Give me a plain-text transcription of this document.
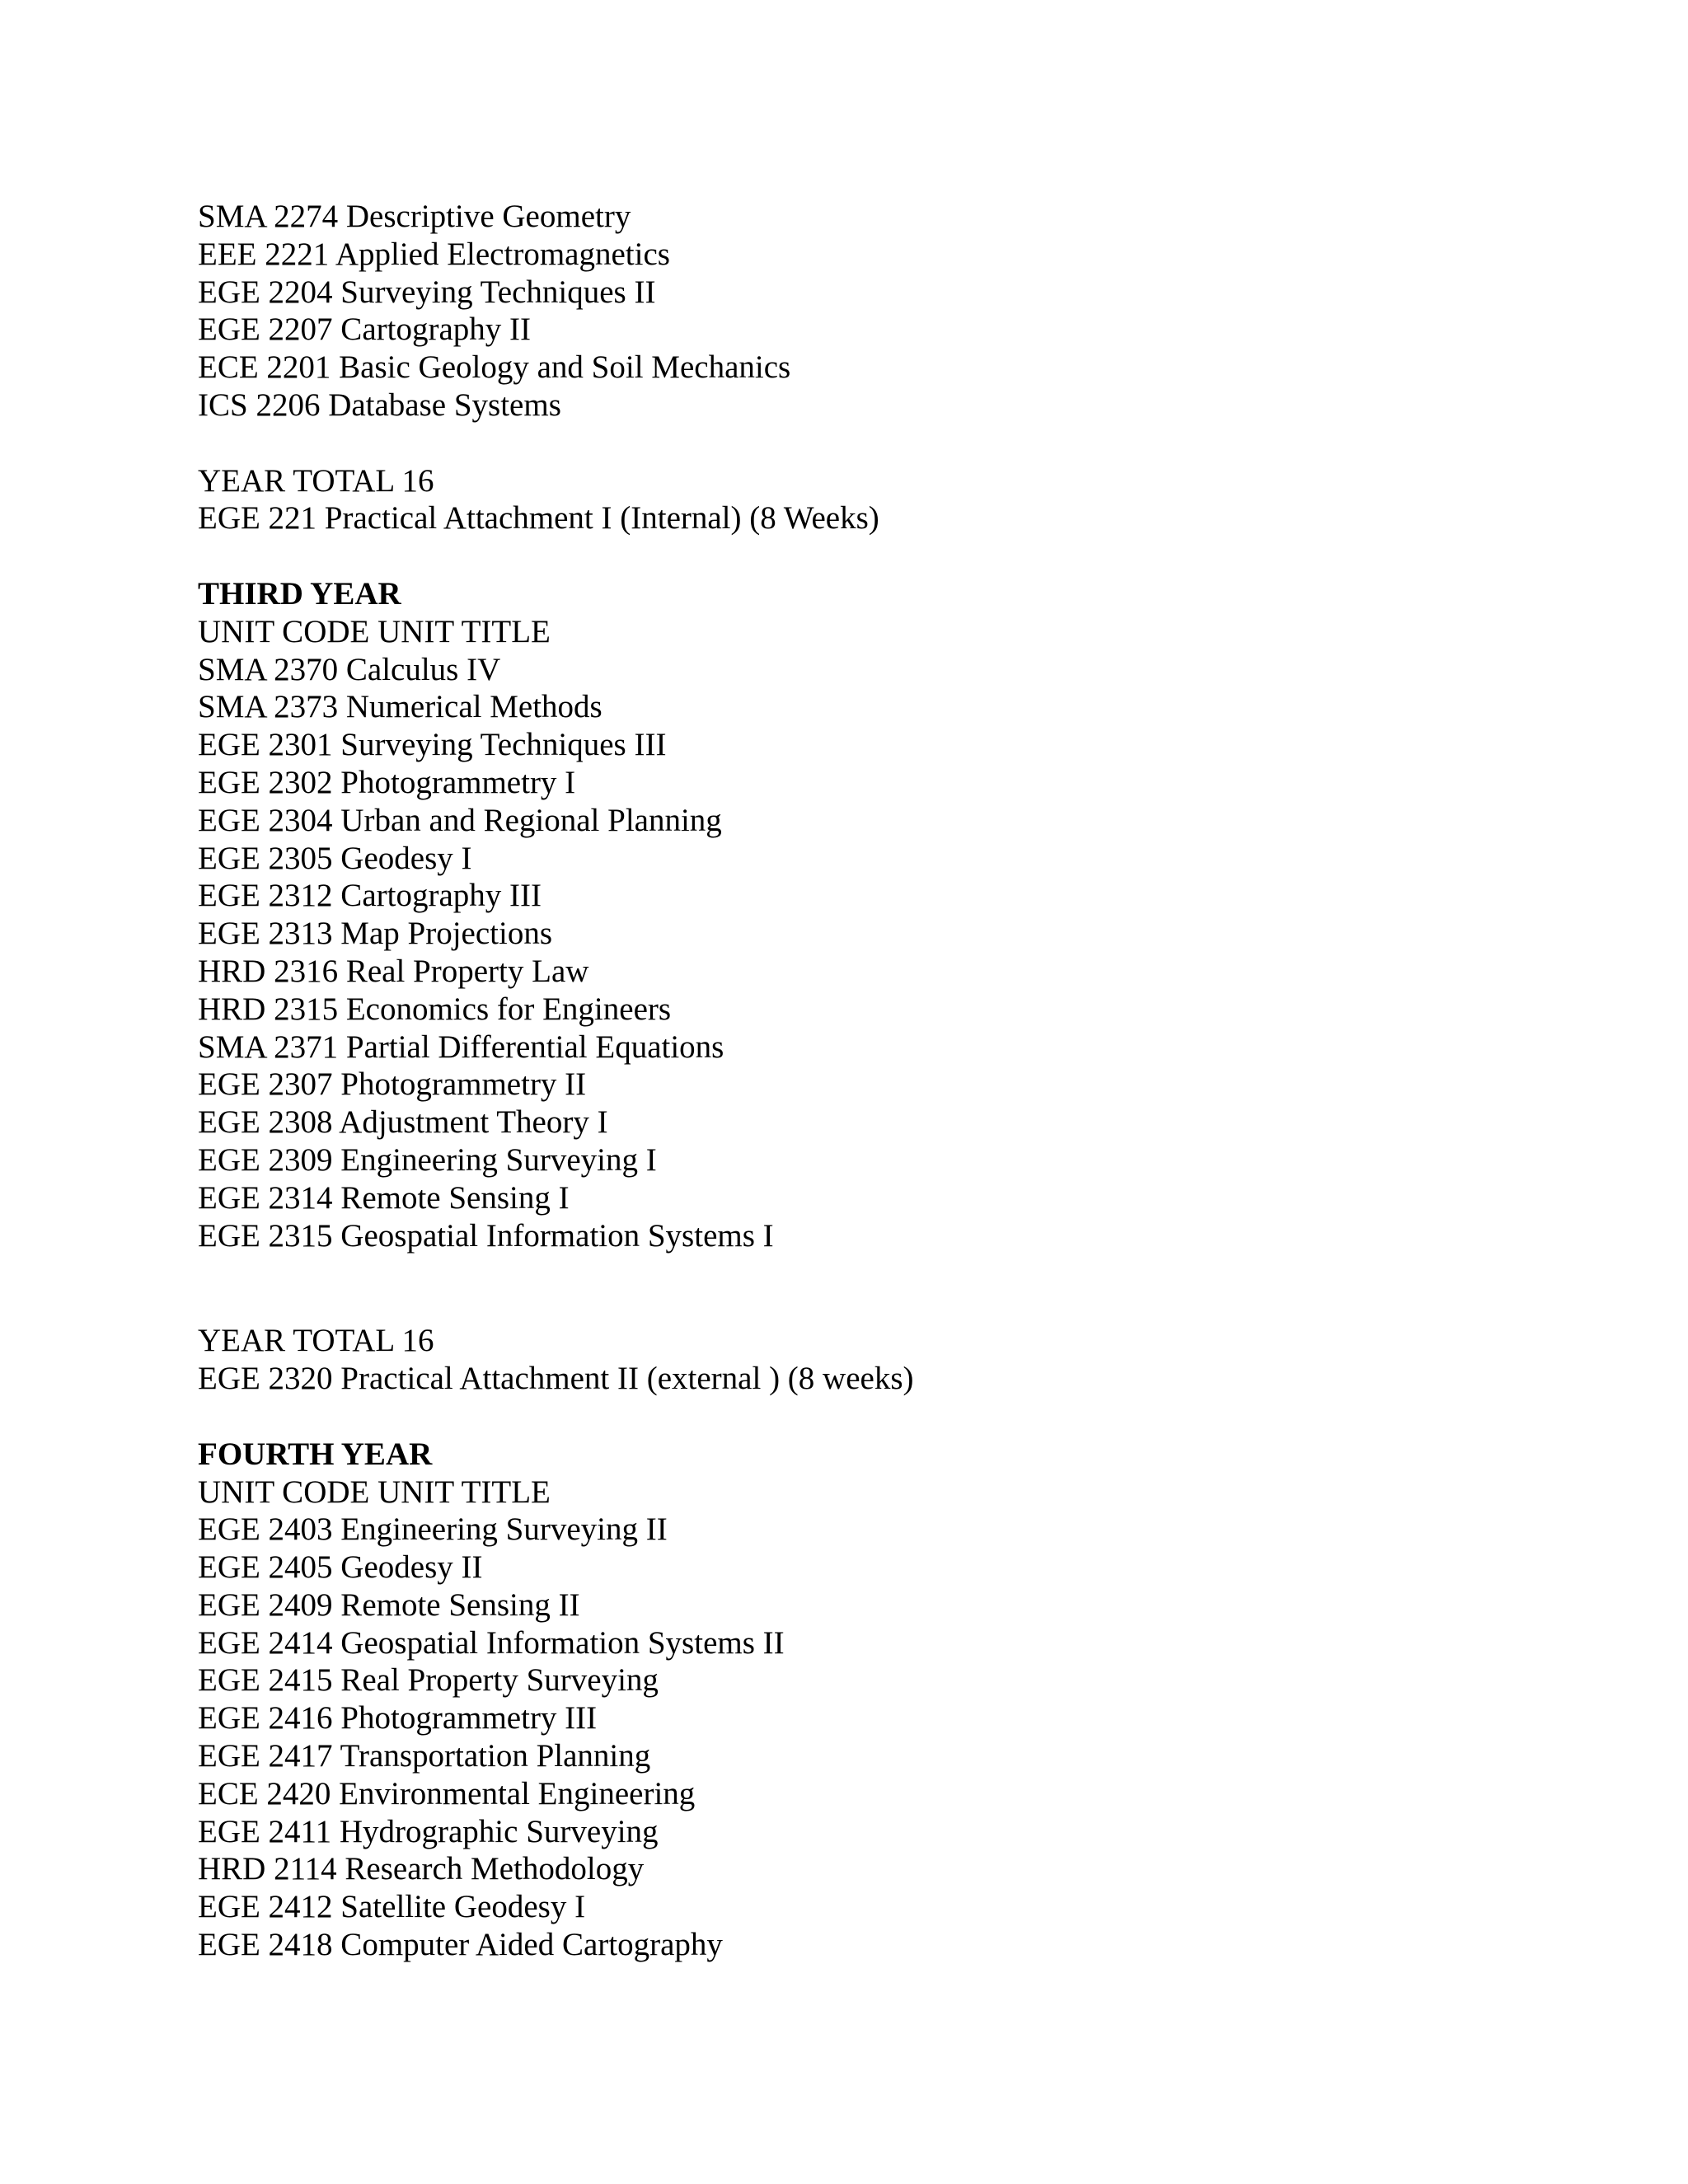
SMA 2274 Descriptive Geometry

EEE 2221 Applied Electromagnetics

EGE 2204 Surveying Techniques II

EGE 2207 Cartography II

ECE 2201 Basic Geology and Soil Mechanics

ICS 2206 Database Systems

YEAR TOTAL 16

EGE 221 Practical Attachment I (Internal) (8 Weeks)

THIRD YEAR

UNIT CODE UNIT TITLE

SMA 2370 Calculus IV

SMA 2373 Numerical Methods

EGE 2301 Surveying Techniques III

EGE 2302 Photogrammetry I

EGE 2304 Urban and Regional Planning

EGE 2305 Geodesy I

EGE 2312 Cartography III

EGE 2313 Map Projections

HRD 2316 Real Property Law

HRD 2315 Economics for Engineers

SMA 2371 Partial Differential Equations

EGE 2307 Photogrammetry II

EGE 2308 Adjustment Theory I

EGE 2309 Engineering Surveying I

EGE 2314 Remote Sensing I

EGE 2315 Geospatial Information Systems I

YEAR TOTAL 16

EGE 2320 Practical Attachment II (external ) (8 weeks)

FOURTH YEAR

UNIT CODE UNIT TITLE

EGE 2403 Engineering Surveying II

EGE 2405 Geodesy II

EGE 2409 Remote Sensing II

EGE 2414 Geospatial Information Systems II

EGE 2415 Real Property Surveying

EGE 2416 Photogrammetry III

EGE 2417 Transportation Planning

ECE 2420 Environmental Engineering

EGE 2411 Hydrographic Surveying

HRD 2114 Research Methodology

EGE 2412 Satellite Geodesy I

EGE 2418 Computer Aided Cartography
